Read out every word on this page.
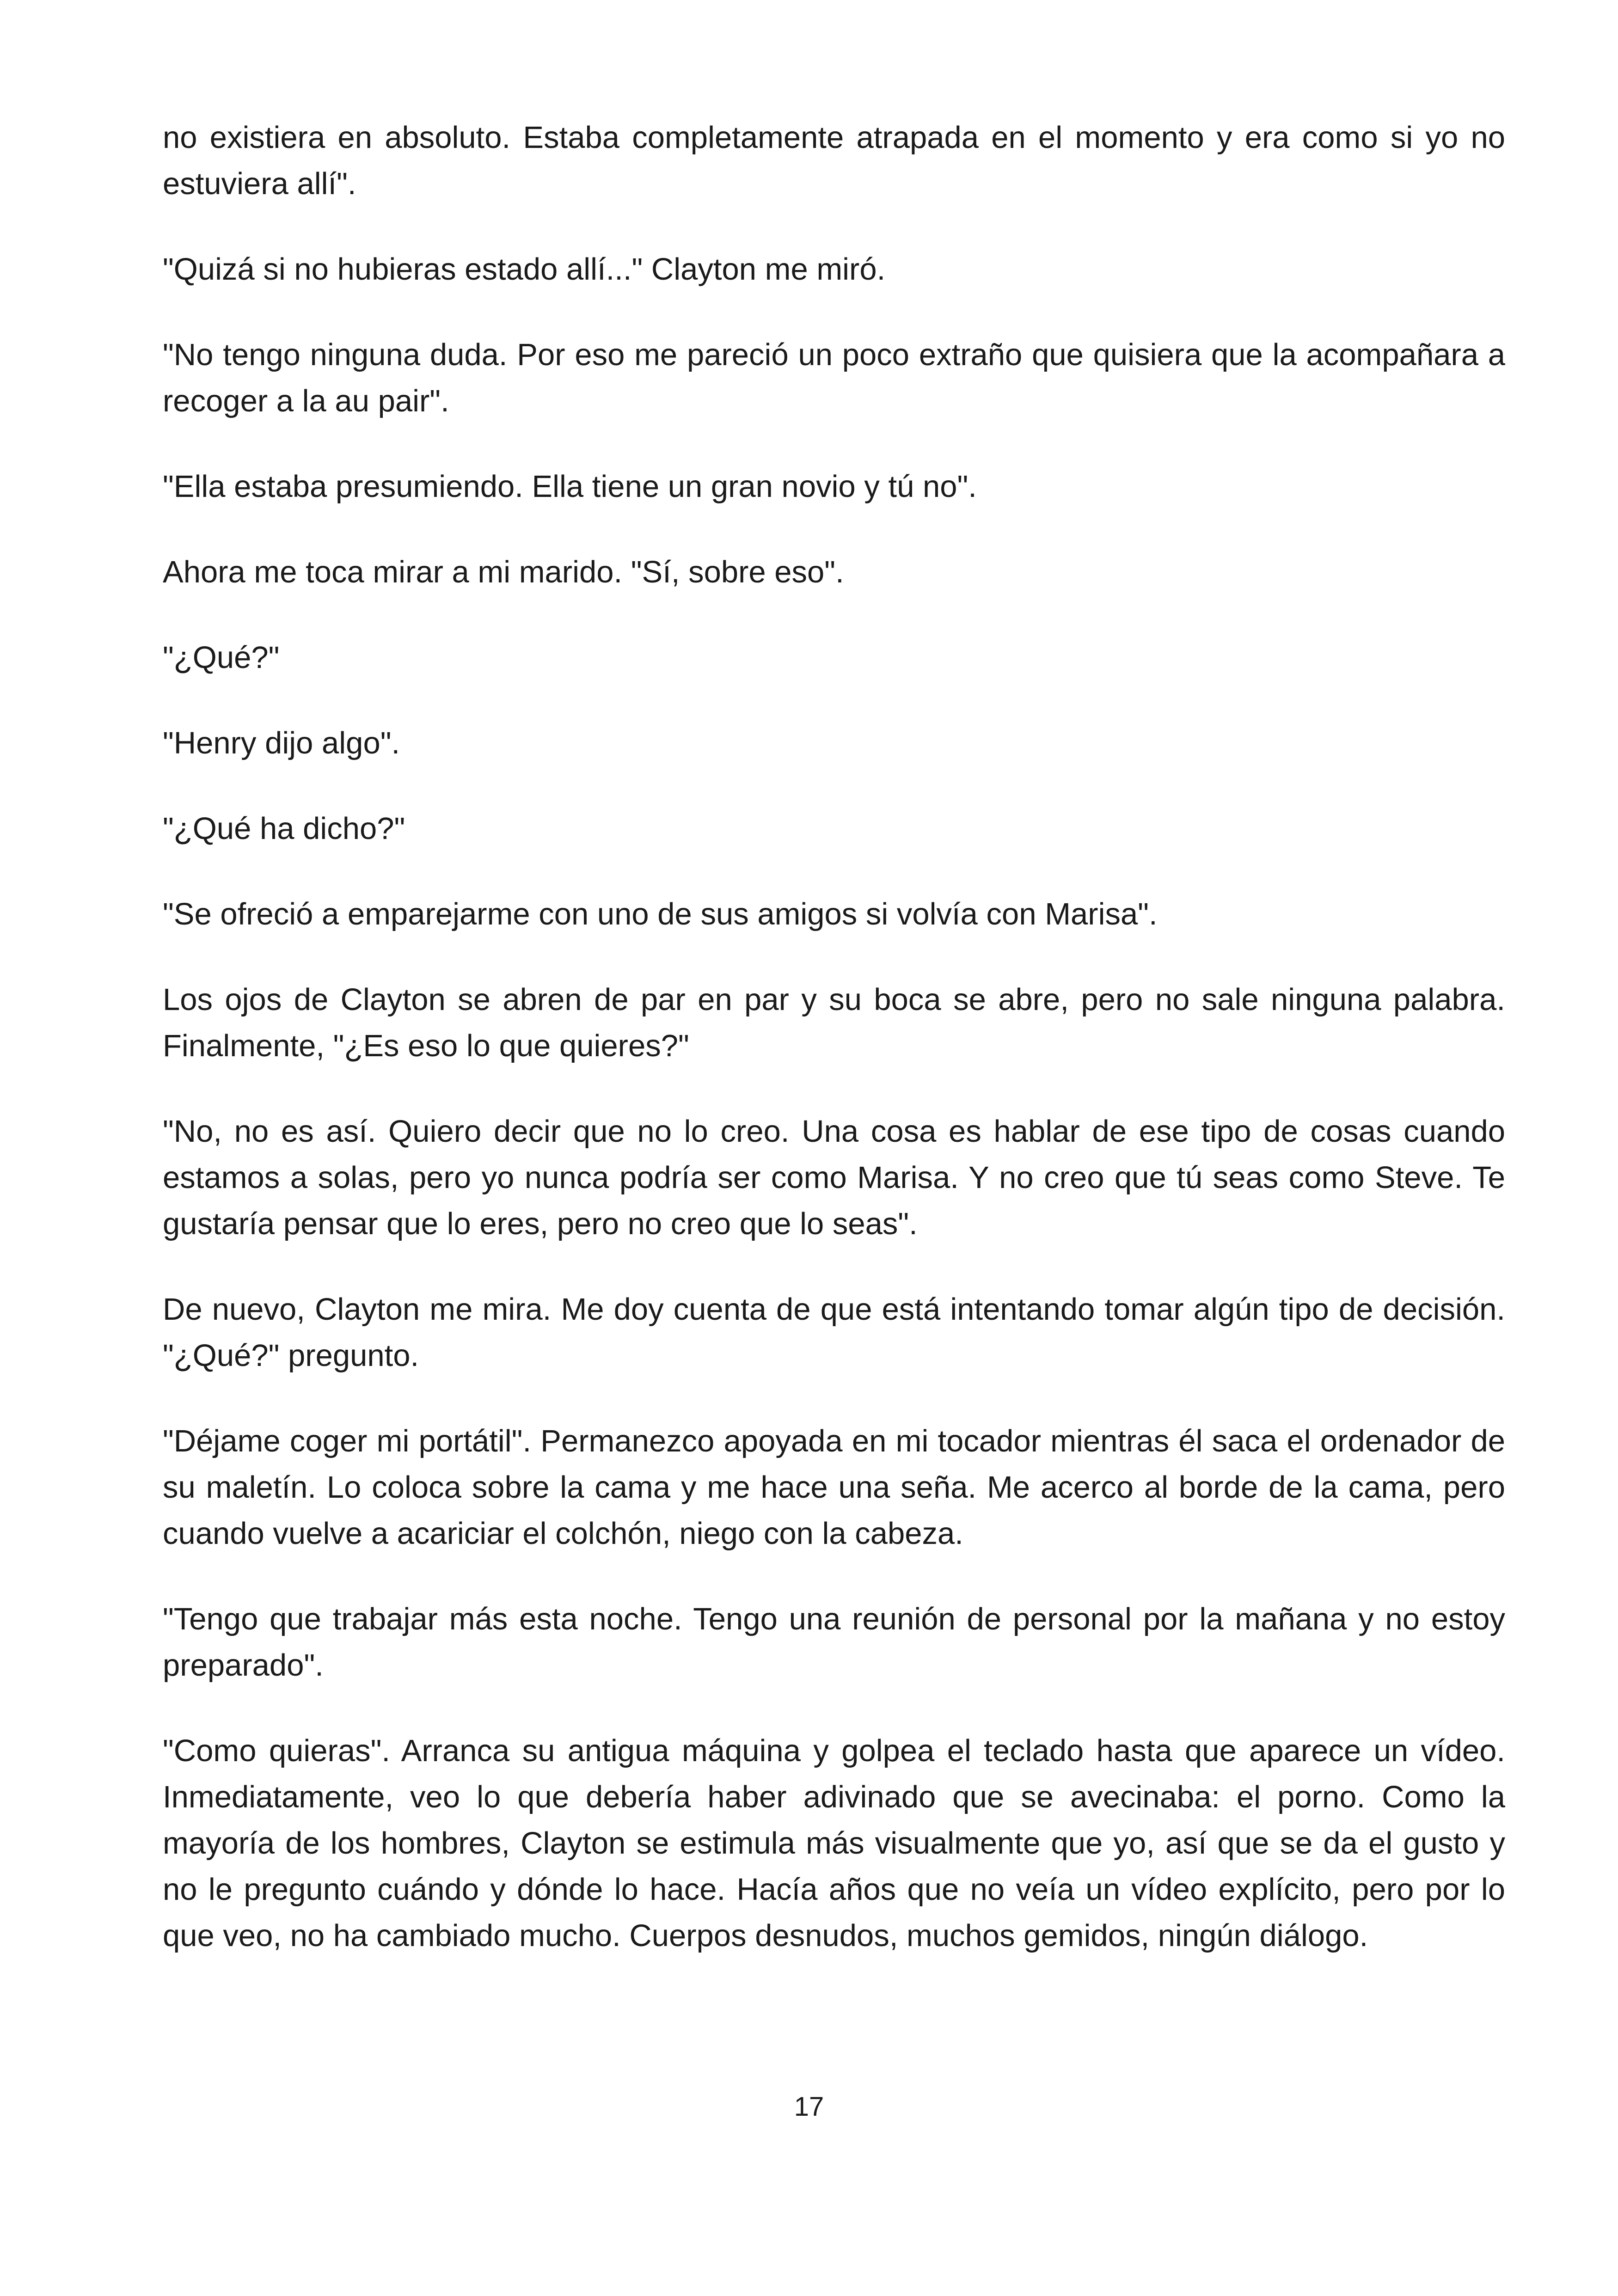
no existiera en absoluto. Estaba completamente atrapada en el momento y era como si yo no estuviera allí".

"Quizá si no hubieras estado allí..." Clayton me miró.

"No tengo ninguna duda. Por eso me pareció un poco extraño que quisiera que la acompañara a recoger a la au pair".

"Ella estaba presumiendo. Ella tiene un gran novio y tú no".

Ahora me toca mirar a mi marido. "Sí, sobre eso".

"¿Qué?"

"Henry dijo algo".

"¿Qué ha dicho?"

"Se ofreció a emparejarme con uno de sus amigos si volvía con Marisa".

Los ojos de Clayton se abren de par en par y su boca se abre, pero no sale ninguna palabra. Finalmente, "¿Es eso lo que quieres?"

"No, no es así. Quiero decir que no lo creo. Una cosa es hablar de ese tipo de cosas cuando estamos a solas, pero yo nunca podría ser como Marisa. Y no creo que tú seas como Steve. Te gustaría pensar que lo eres, pero no creo que lo seas".

De nuevo, Clayton me mira. Me doy cuenta de que está intentando tomar algún tipo de decisión. "¿Qué?" pregunto.

"Déjame coger mi portátil". Permanezco apoyada en mi tocador mientras él saca el ordenador de su maletín. Lo coloca sobre la cama y me hace una seña. Me acerco al borde de la cama, pero cuando vuelve a acariciar el colchón, niego con la cabeza.

"Tengo que trabajar más esta noche. Tengo una reunión de personal por la mañana y no estoy preparado".

"Como quieras". Arranca su antigua máquina y golpea el teclado hasta que aparece un vídeo. Inmediatamente, veo lo que debería haber adivinado que se avecinaba: el porno. Como la mayoría de los hombres, Clayton se estimula más visualmente que yo, así que se da el gusto y no le pregunto cuándo y dónde lo hace. Hacía años que no veía un vídeo explícito, pero por lo que veo, no ha cambiado mucho. Cuerpos desnudos, muchos gemidos, ningún diálogo.

17
